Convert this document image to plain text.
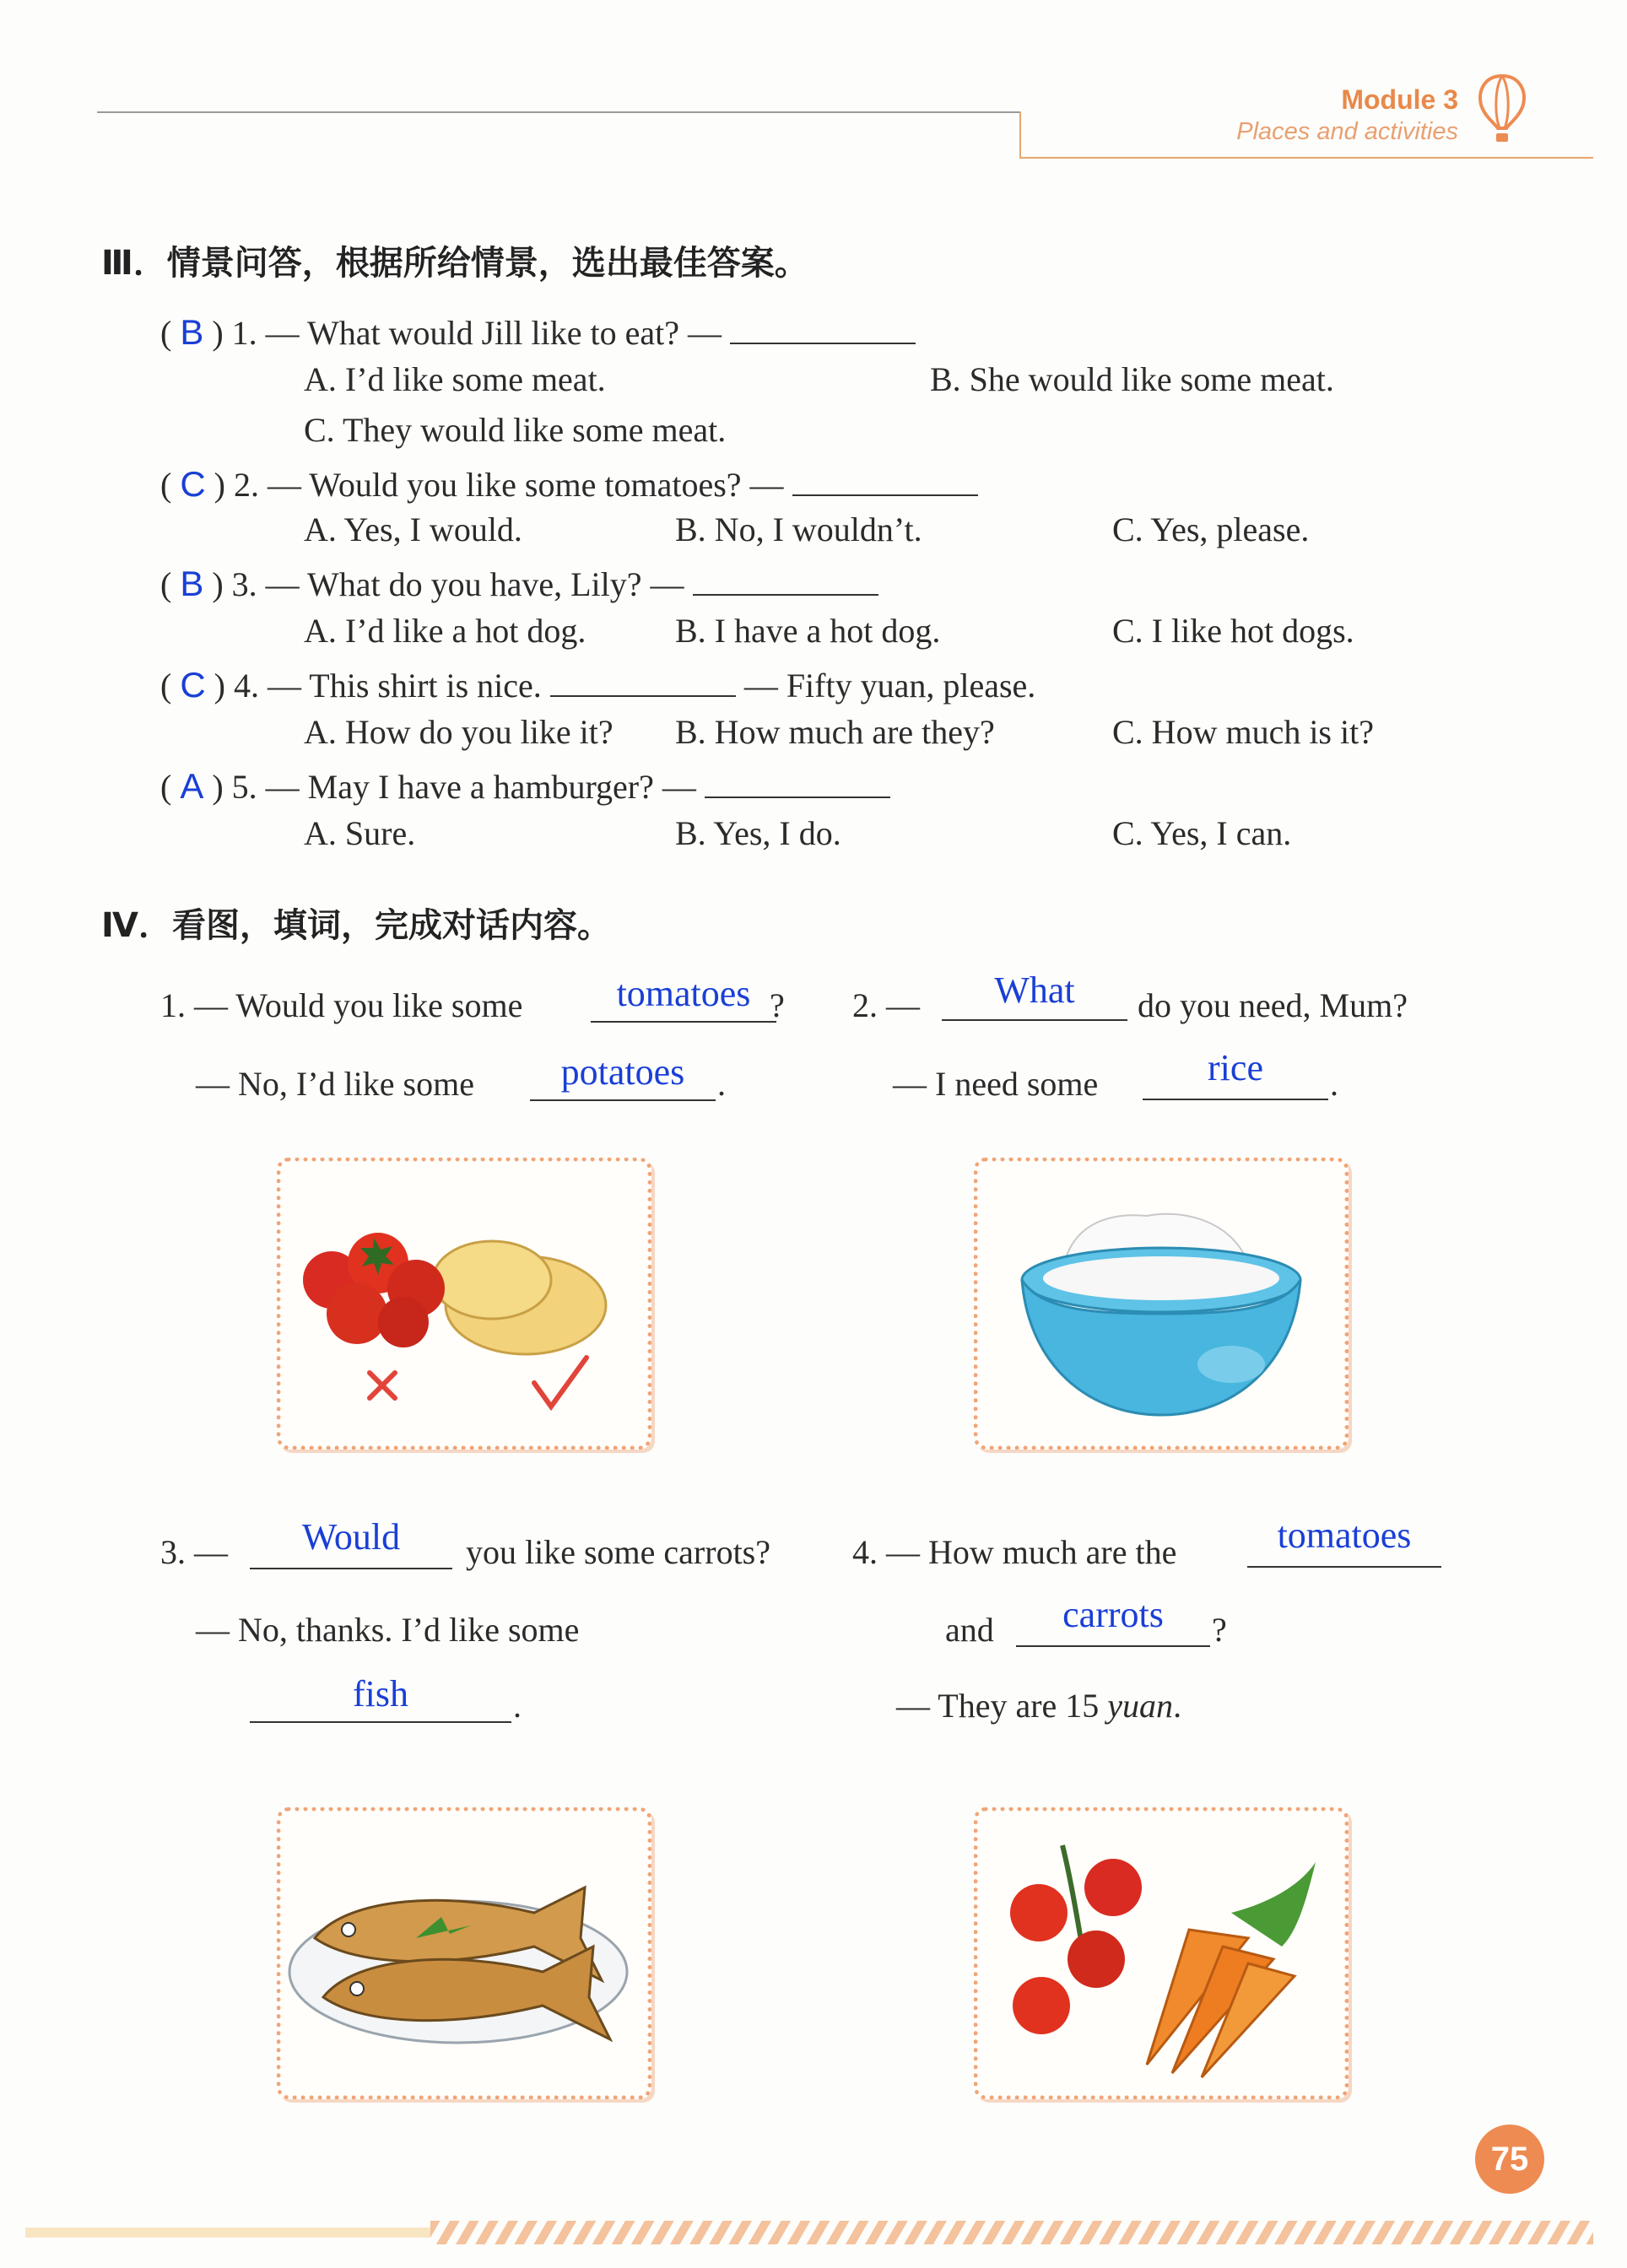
Module 3
Places and activities
Ⅲ．情景问答，根据所给情景，选出最佳答案。
( B ) 1. — What would Jill like to eat? —
A. I’d like some meat.	B. She would like some meat.
C. They would like some meat.
( C ) 2. — Would you like some tomatoes? —
A. Yes, I would.	B. No, I wouldn’t.	C. Yes, please.
( B ) 3. — What do you have, Lily? —
A. I’d like a hot dog.	B. I have a hot dog.	C. I like hot dogs.
( C ) 4. — This shirt is nice.	— Fifty yuan, please.
A. How do you like it? B. How much are they?	C. How much is it?
( A ) 5. — May I have a hamburger? —
A. Sure.	B. Yes, I do.	C. Yes, I can.
Ⅳ．看图，填词，完成对话内容。
1. — Would you like some	tomatoes ?
— No, I’d like some	potatoes .
2. —	What	do you need, Mum?
— I need some	rice	.
3. —	Would	you like some carrots?
— No, thanks. I’d like some
fish	.
4. — How much are the	tomatoes
and	carrots	?
— They are 15 yuan.
75
